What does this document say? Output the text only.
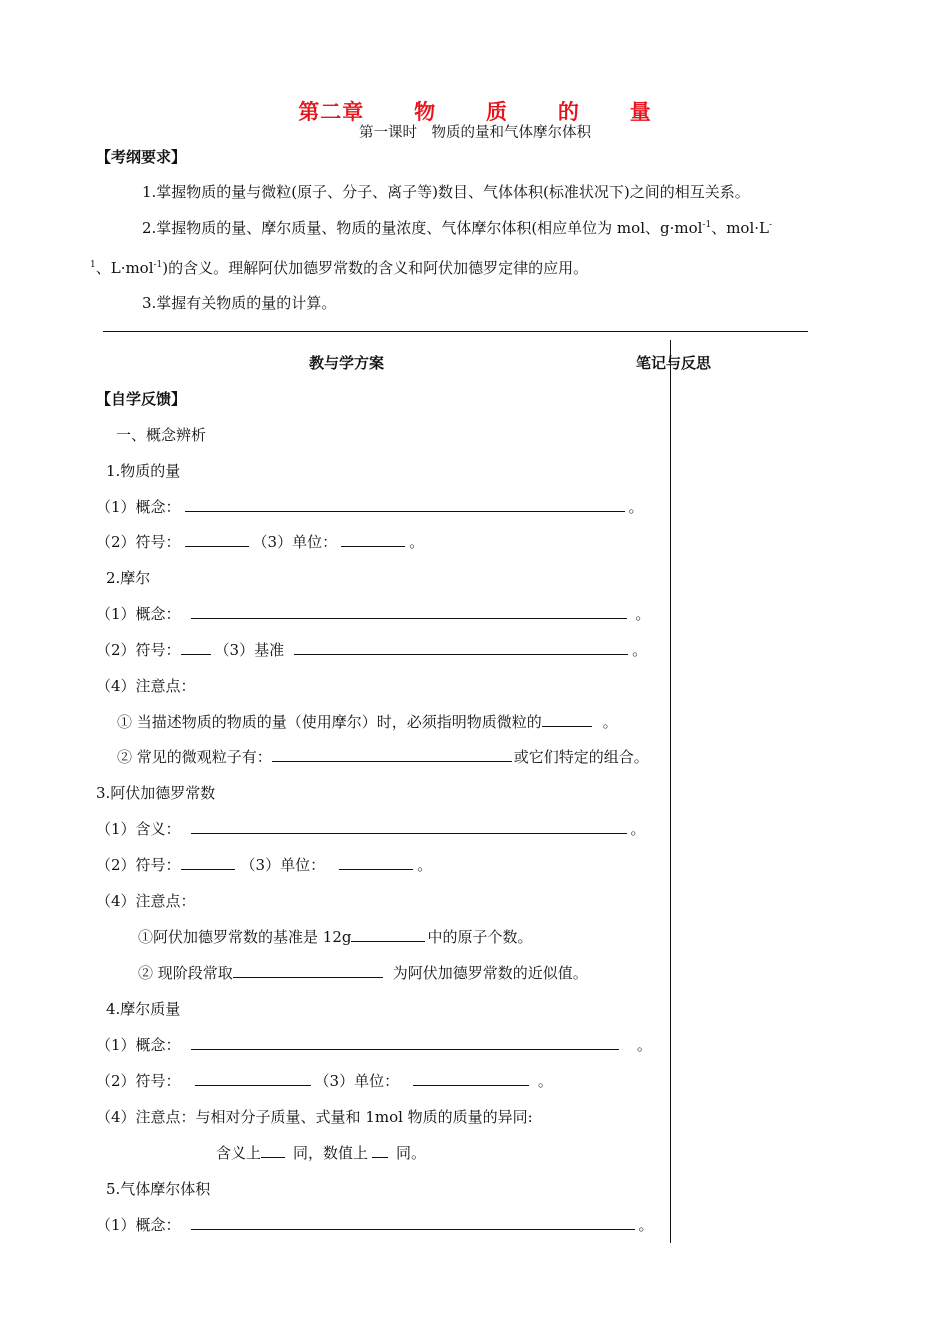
第二章 物 质 的 量
第一课时　物质的量和气体摩尔体积
【考纲要求】
1.掌握物质的量与微粒(原子、分子、离子等)数目、气体体积(标准状况下)之间的相互关系。
2.掌握物质的量、摩尔质量、物质的量浓度、气体摩尔体积(相应单位为 mol、g·mol$^{-1}$、mol·L-
$^1$、L·mol$^{-1}$)的含义。理解阿伏加德罗常数的含义和阿伏加德罗定律的应用。
3.掌握有关物质的量的计算。
教与学方案	笔记与反思
【自学反馈】
一、概念辨析
1.物质的量
（1）概念：	。
（2）符号：	（3）单位：	。
2.摩尔
（1）概念：	。
（2）符号： （3）基准	。
（4）注意点：
① 当描述物质的物质的量（使用摩尔）时，必须指明物质微粒的	。
② 常见的微观粒子有：	或它们特定的组合。
3.阿伏加德罗常数
（1）含义：	。
（2）符号：	（3）单位：	。
（4）注意点：
①阿伏加德罗常数的基准是 12g	中的原子个数。
② 现阶段常取	为阿伏加德罗常数的近似值。
4.摩尔质量
（1）概念：	。
（2）符号：	（3）单位：	。
（4）注意点：与相对分子质量、式量和 1mol 物质的质量的异同:
含义上 同，数值上 同。
5.气体摩尔体积
（1）概念：	。
